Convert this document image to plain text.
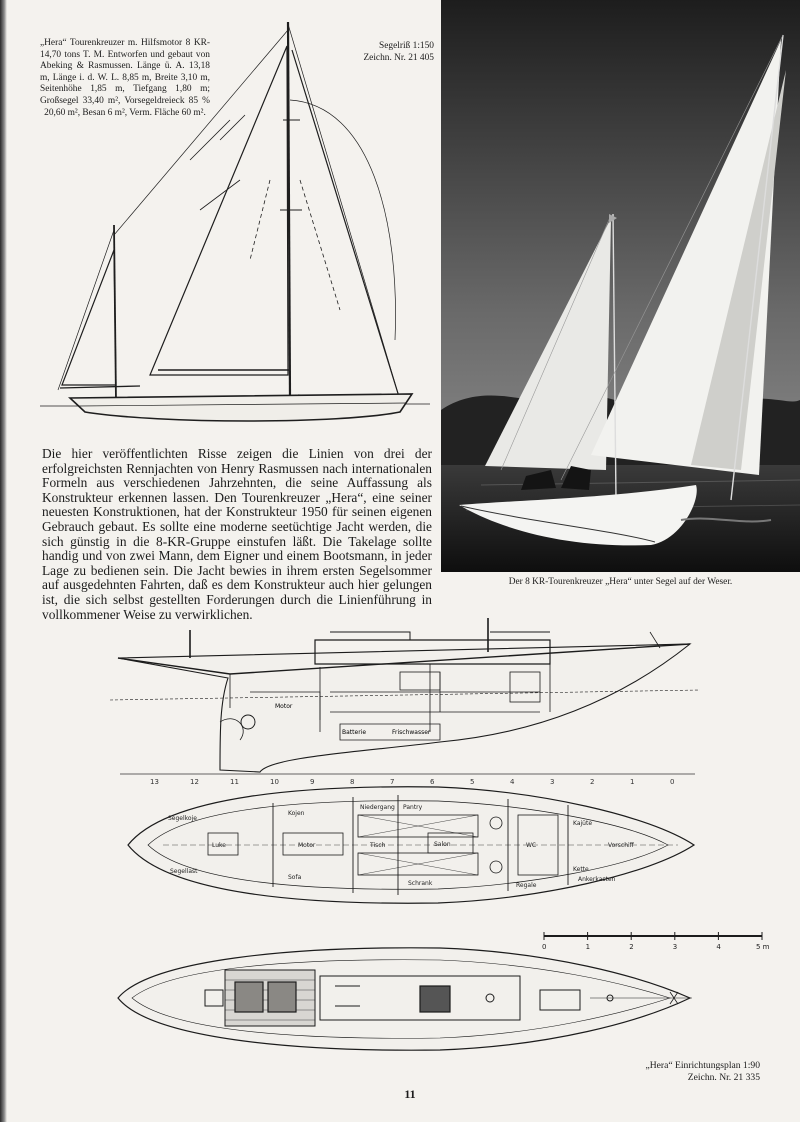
„Hera“ Tourenkreuzer m. Hilfsmotor 8 KR-14,70 tons T. M. Entworfen und gebaut von Abeking & Rasmussen. Länge ü. A. 13,18 m, Länge i. d. W. L. 8,85 m, Breite 3,10 m, Seitenhöhe 1,85 m, Tiefgang 1,80 m; Großsegel 33,40 m², Vorsegeldreieck 85 % 20,60 m², Besan 6 m², Verm. Fläche 60 m².
Segelriß 1:150
Zeichn. Nr. 21 405
Der 8 KR-Tourenkreuzer „Hera“ unter Segel auf der Weser.

Die hier veröffentlichten Risse zeigen die Linien von drei der erfolgreichsten Rennjachten von Henry Rasmussen nach internationalen Formeln aus verschiedenen Jahrzehnten, die seine Auffassung als Konstrukteur erkennen lassen. Den Tourenkreuzer „Hera“, eine seiner neuesten Konstruktionen, hat der Konstrukteur 1950 für seinen eigenen Gebrauch gebaut. Es sollte eine moderne seetüchtige Jacht werden, die sich günstig in die 8-KR-Gruppe einstufen läßt. Die Takelage sollte handig und von zwei Mann, dem Eigner und einem Bootsmann, in jeder Lage zu bedienen sein. Die Jacht bewies in ihrem ersten Segelsommer auf ausgedehnten Fahrten, daß es dem Konstrukteur auch hier gelungen ist, die sich selbst gestellten Forderungen durch die Linienführung in vollkommener Weise zu verwirklichen.

Motor
Batterie	Frischwasser
13	12	11	10	9	8	7	6	5	4	3	2	1	0
Segelkoje
Segellast
Luke	Motor
Kojen
Sofa
Niedergang
Salon
Pantry
WC
Schrank
Kajüte
Vorschiff
Kette
Ankerkasten
Regale
Tisch
0	1	2	3	4	5 m
„Hera“ Einrichtungsplan 1:90
Zeichn. Nr. 21 335
11
